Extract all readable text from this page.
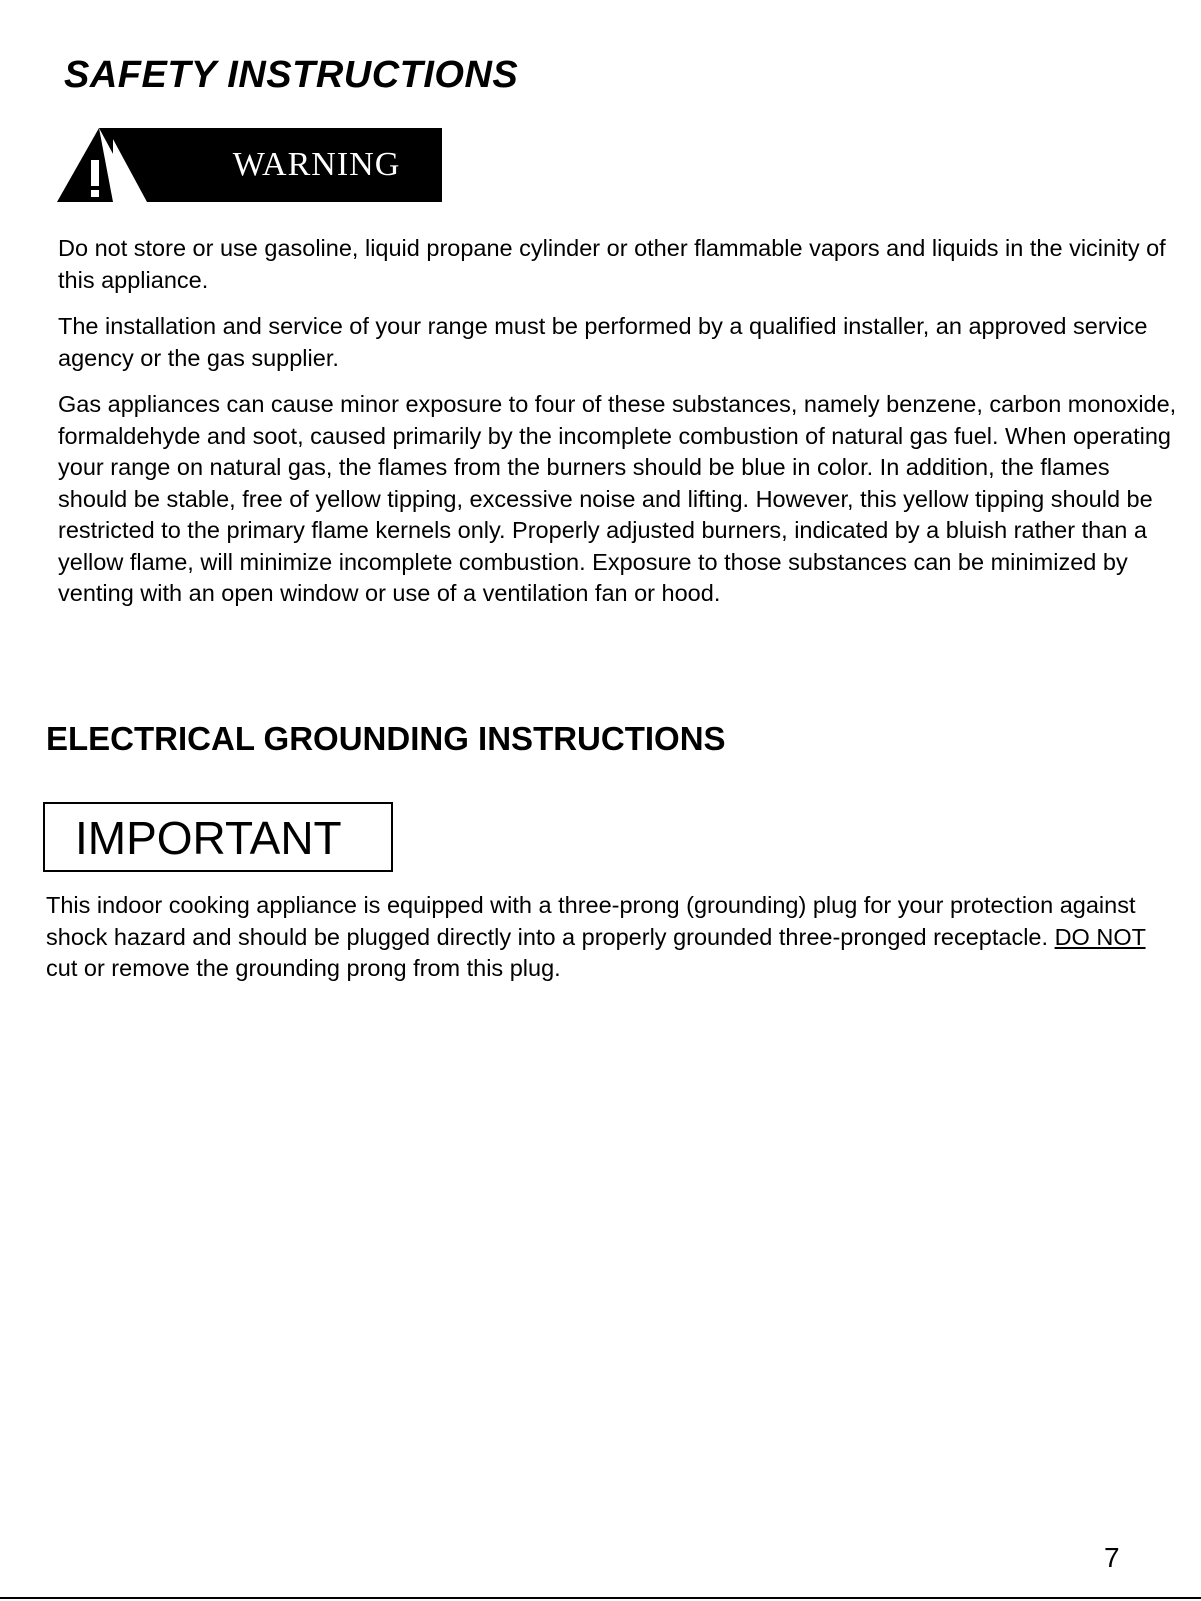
SAFETY INSTRUCTIONS
WARNING

Do not store or use gasoline, liquid propane cylinder or other flammable vapors and liquids in the vicinity of this appliance.

The installation and service of your range must be performed by a qualified installer, an approved service agency or the gas supplier.

Gas appliances can cause minor exposure to four of these substances, namely benzene, carbon monoxide, formaldehyde and soot, caused primarily by the incomplete combustion of natural gas fuel. When operating your range on natural gas, the flames from the burners should be blue in color. In addition, the flames should be stable, free of yellow tipping, excessive noise and lifting. However, this yellow tipping should be restricted to the primary flame kernels only. Properly adjusted burners, indicated by a bluish rather than a yellow flame, will minimize incomplete combustion. Exposure to those substances can be minimized by venting with an open window or use of a ventilation fan or hood.

ELECTRICAL GROUNDING INSTRUCTIONS
IMPORTANT

This indoor cooking appliance is equipped with a three-prong (grounding) plug for your protection against shock hazard and should be plugged directly into a properly grounded three-pronged receptacle. DO NOT cut or remove the grounding prong from this plug.

7
